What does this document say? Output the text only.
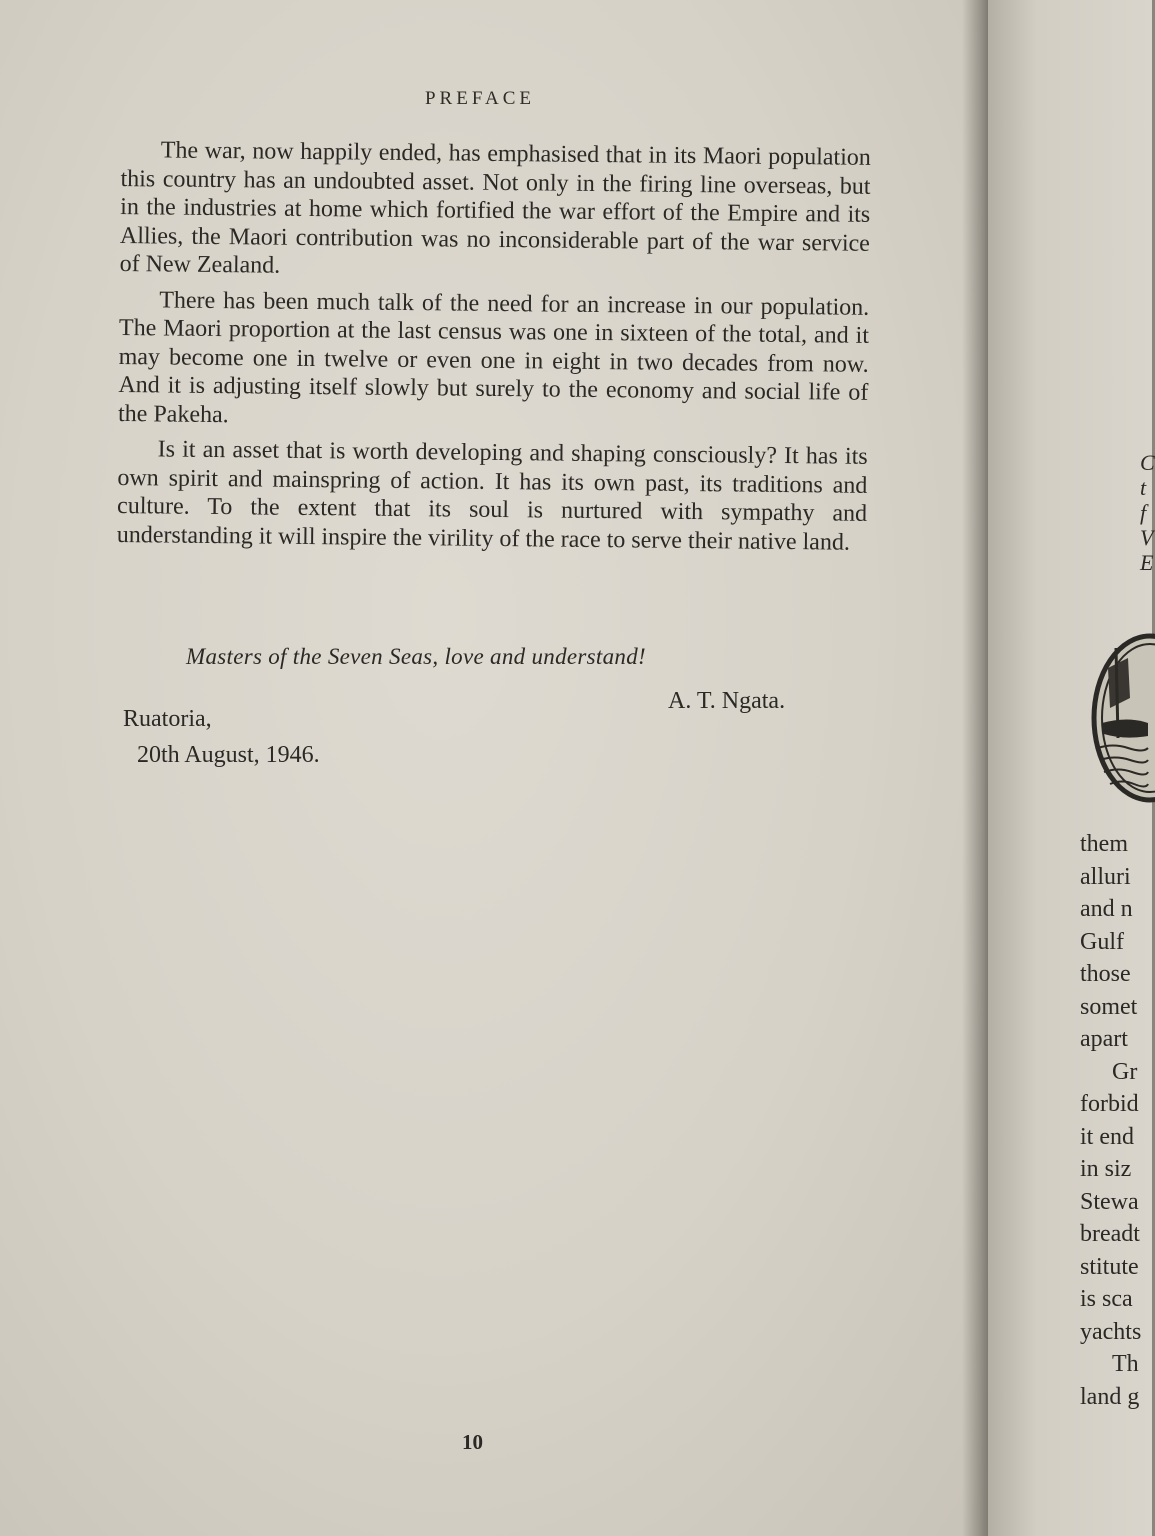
PREFACE

The war, now happily ended, has emphasised that in its Maori population this country has an undoubted asset. Not only in the firing line overseas, but in the industries at home which fortified the war effort of the Empire and its Allies, the Maori contribution was no inconsiderable part of the war service of New Zealand.

There has been much talk of the need for an increase in our population. The Maori proportion at the last census was one in sixteen of the total, and it may become one in twelve or even one in eight in two decades from now. And it is adjusting itself slowly but surely to the economy and social life of the Pakeha.

Is it an asset that is worth developing and shaping consciously? It has its own spirit and mainspring of action. It has its own past, its traditions and culture. To the extent that its soul is nurtured with sympathy and understanding it will inspire the virility of the race to serve their native land.

Masters of the Seven Seas, love and understand!
A. T. Ngata.
Ruatoria,
20th August, 1946.
10
C
t
f
V
E
them
alluri
and n
Gulf
those
somet
apart
Gr
forbid
it end
in siz
Stewa
breadt
stitute
is sca
yachts
Th
land g
